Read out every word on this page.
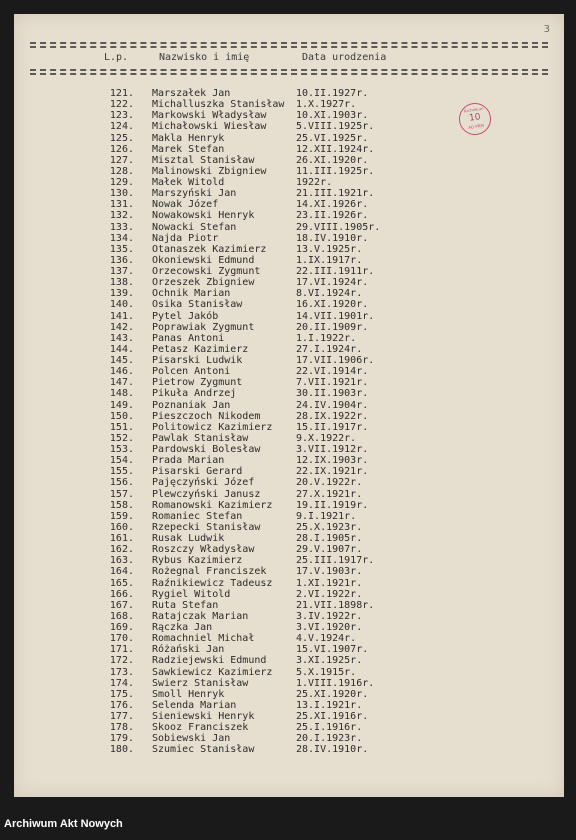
3
L.p.	Nazwisko i imię	Data urodzenia
Archiwum
10
AO PRM
121. Marszałek Jan	10.II.1927r.
122. Michalluszka Stanisław 1.X.1927r.
123. Markowski Władysław	10.XI.1903r.
124. Michałowski Wiesław	5.VIII.1925r.
125. Makla Henryk	25.VI.1925r.
126. Marek Stefan	12.XII.1924r.
127. Misztal Stanisław	26.XI.1920r.
128. Malinowski Zbigniew	11.III.1925r.
129. Małek Witold	1922r.
130. Marszyński Jan	21.III.1921r.
131. Nowak Józef	14.XI.1926r.
132. Nowakowski Henryk	23.II.1926r.
133. Nowacki Stefan	29.VIII.1905r.
134. Najda Piotr	18.IV.1910r.
135. Otanaszek Kazimierz	13.V.1925r.
136. Okoniewski Edmund	1.IX.1917r.
137. Orzecowski Zygmunt	22.III.1911r.
138. Orzeszek Zbigniew	17.VI.1924r.
139. Ochnik Marian	8.VI.1924r.
140. Osika Stanisław	16.XI.1920r.
141. Pytel Jakób	14.VII.1901r.
142. Poprawiak Zygmunt	20.II.1909r.
143. Panas Antoni	1.I.1922r.
144. Petasz Kazimierz	27.I.1924r.
145. Pisarski Ludwik	17.VII.1906r.
146. Polcen Antoni	22.VI.1914r.
147. Pietrow Zygmunt	7.VII.1921r.
148. Pikuła Andrzej	30.II.1903r.
149. Poznaniak Jan	24.IV.1904r.
150. Pieszczoch Nikodem	28.IX.1922r.
151. Politowicz Kazimierz 15.II.1917r.
152. Pawlak Stanisław	9.X.1922r.
153. Pardowski Bolesław	3.VII.1912r.
154. Prada Marian	12.IX.1903r.
155. Pisarski Gerard	22.IX.1921r.
156. Pajęczyński Józef	20.V.1922r.
157. Plewczyński Janusz	27.X.1921r.
158. Romanowski Kazimierz 19.II.1919r.
159. Romaniec Stefan	9.I.1921r.
160. Rzepecki Stanisław	25.X.1923r.
161. Rusak Ludwik	28.I.1905r.
162. Roszczy Władysław	29.V.1907r.
163. Rybus Kazimierz	25.III.1917r.
164. Rożegnal Franciszek	17.V.1903r.
165. Raźnikiewicz Tadeusz 1.XI.1921r.
166. Rygiel Witold	2.VI.1922r.
167. Ruta Stefan	21.VII.1898r.
168. Ratajczak Marian	3.IV.1922r.
169. Rączka Jan	3.VI.1920r.
170. Romachniel Michał	4.V.1924r.
171. Różański Jan	15.VI.1907r.
172. Radziejewski Edmund	3.XI.1925r.
173. Sawkiewicz Kazimierz 5.X.1915r.
174. Swierz Stanisław	1.VIII.1916r.
175. Smoll Henryk	25.XI.1920r.
176. Selenda Marian	13.I.1921r.
177. Sieniewski Henryk	25.XI.1916r.
178. Skooz Franciszek	25.I.1916r.
179. Sobiewski Jan	20.I.1923r.
180. Szumiec Stanisław	28.IV.1910r.
Archiwum Akt Nowych
